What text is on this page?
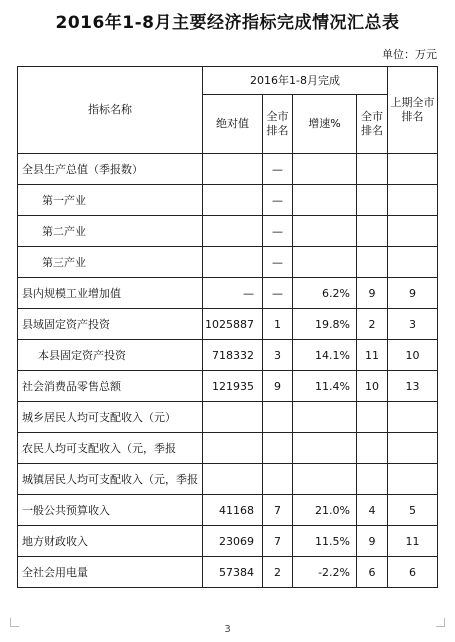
2016年1-8月主要经济指标完成情况汇总表
单位：万元
指标名称	2016年1-8月完成				上期全市排名
	绝对值	全市排名	增速%	全市排名	
全县生产总值（季报数）		—			
第一产业		—			
第二产业		—			
第三产业		—			
县内规模工业增加值	—	—	6.2%	9	9
县域固定资产投资	1025887	1	19.8%	2	3
本县固定资产投资	718332	3	14.1%	11	10
社会消费品零售总额	121935	9	11.4%	10	13
城乡居民人均可支配收入（元）					
农民人均可支配收入（元，季报					
城镇居民人均可支配收入（元，季报					
一般公共预算收入	41168	7	21.0%	4	5
地方财政收入	23069	7	11.5%	9	11
全社会用电量	57384	2	-2.2%	6	6
3
